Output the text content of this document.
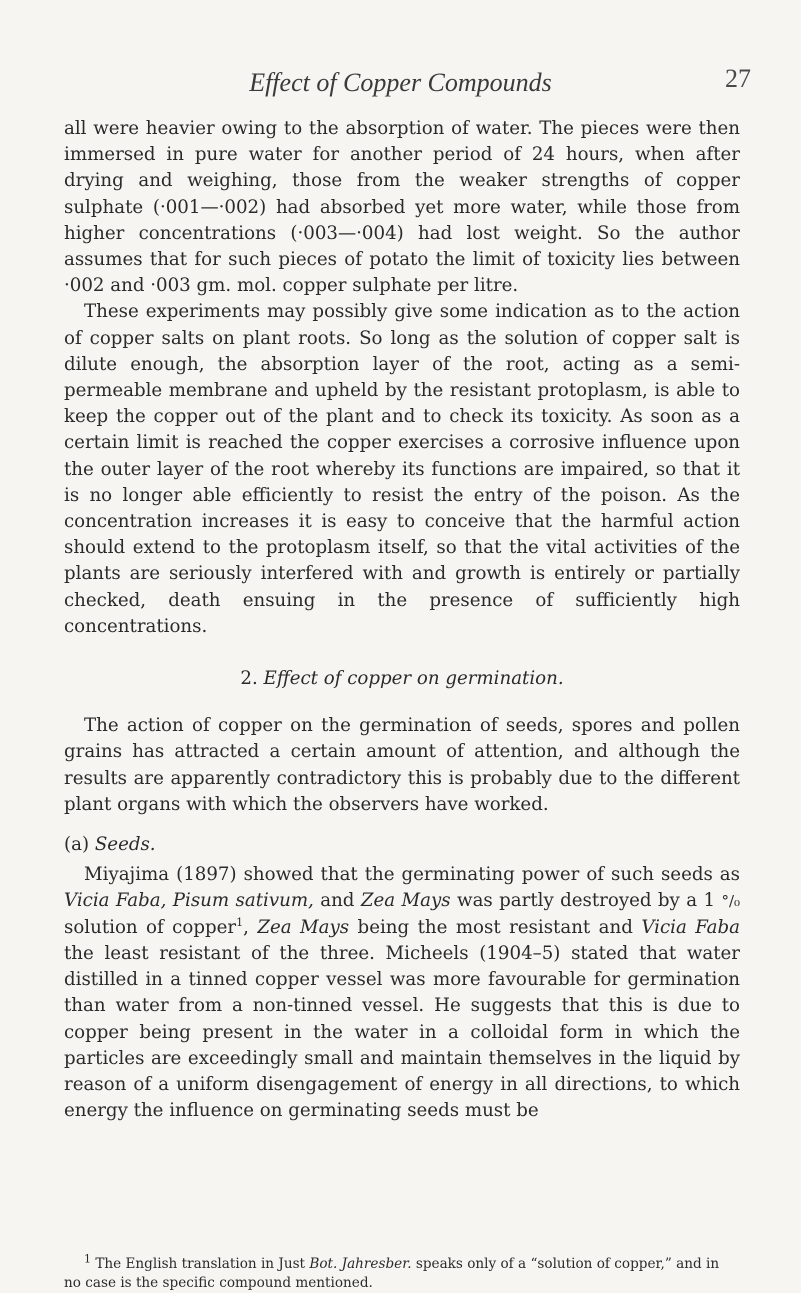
Effect of Copper Compounds	27

all were heavier owing to the absorption of water. The pieces were then immersed in pure water for another period of 24 hours, when after drying and weighing, those from the weaker strengths of copper sulphate (·001—·002) had absorbed yet more water, while those from higher concentrations (·003—·004) had lost weight. So the author assumes that for such pieces of potato the limit of toxicity lies between ·002 and ·003 gm. mol. copper sulphate per litre.

These experiments may possibly give some indication as to the action of copper salts on plant roots. So long as the solution of copper salt is dilute enough, the absorption layer of the root, acting as a semi-permeable membrane and upheld by the resistant protoplasm, is able to keep the copper out of the plant and to check its toxicity. As soon as a certain limit is reached the copper exercises a corrosive influence upon the outer layer of the root whereby its functions are impaired, so that it is no longer able efficiently to resist the entry of the poison. As the concentration increases it is easy to conceive that the harmful action should extend to the protoplasm itself, so that the vital activities of the plants are seriously interfered with and growth is entirely or partially checked, death ensuing in the presence of sufficiently high concentrations.

2. Effect of copper on germination.

The action of copper on the germination of seeds, spores and pollen grains has attracted a certain amount of attention, and although the results are apparently contradictory this is probably due to the different plant organs with which the observers have worked.

(a) Seeds.

Miyajima (1897) showed that the germinating power of such seeds as Vicia Faba, Pisum sativum, and Zea Mays was partly destroyed by a 1 °/₀ solution of copper$^1$, Zea Mays being the most resistant and Vicia Faba the least resistant of the three. Micheels (1904–5) stated that water distilled in a tinned copper vessel was more favourable for germination than water from a non-tinned vessel. He suggests that this is due to copper being present in the water in a colloidal form in which the particles are exceedingly small and maintain themselves in the liquid by reason of a uniform disengagement of energy in all directions, to which energy the influence on germinating seeds must be

$^1$ The English translation in Just Bot. Jahresber. speaks only of a “solution of copper,” and in no case is the specific compound mentioned.
